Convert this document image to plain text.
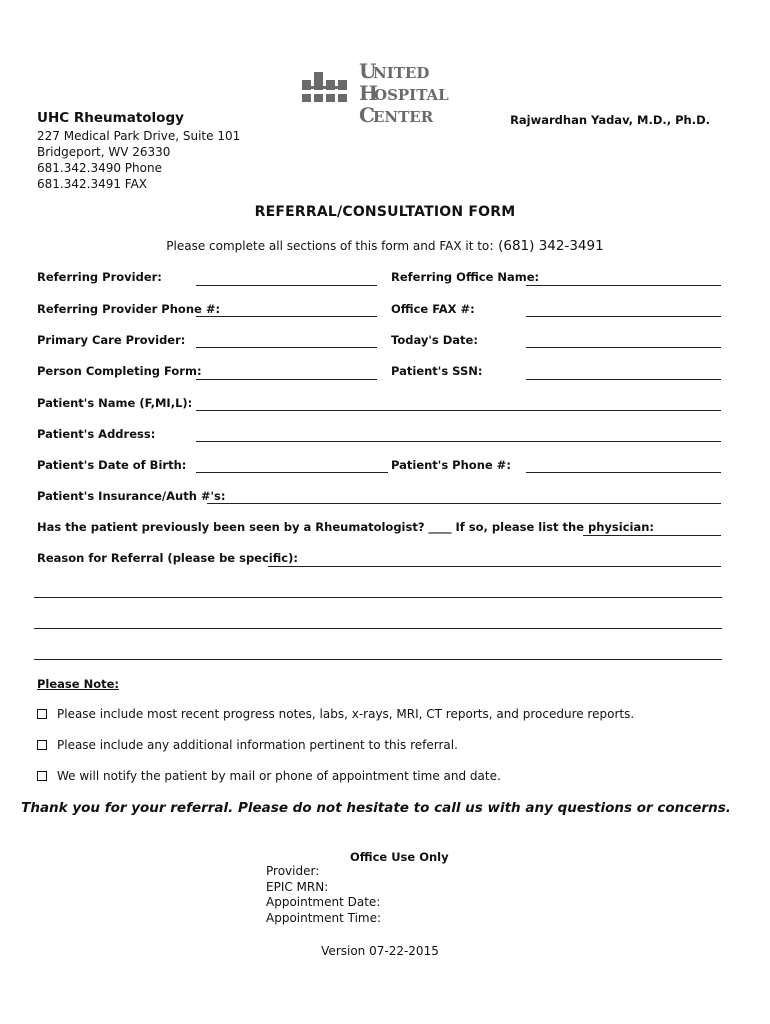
U
NITED
H
OSPITAL
C
ENTER
UHC Rheumatology
227 Medical Park Drive, Suite 101
Bridgeport, WV 26330
681.342.3490 Phone
681.342.3491 FAX
Rajwardhan Yadav, M.D., Ph.D.
REFERRAL/CONSULTATION FORM
Please complete all sections of this form and FAX it to: (681) 342-3491
Referring Provider:	Referring Office Name:
Referring Provider Phone #:	Office FAX #:
Primary Care Provider:	Today's Date:
Person Completing Form:	Patient's SSN:
Patient's Name (F,MI,L):
Patient's Address:
Patient's Date of Birth:	Patient's Phone #:
Patient's Insurance/Auth #'s:
Has the patient previously been seen by a Rheumatologist? ____ If so, please list the physician:
Reason for Referral (please be specific):
Please Note:
Please include most recent progress notes, labs, x-rays, MRI, CT reports, and procedure reports.
Please include any additional information pertinent to this referral.
We will notify the patient by mail or phone of appointment time and date.
Thank you for your referral. Please do not hesitate to call us with any questions or concerns.
Office Use Only
Provider:
EPIC MRN:
Appointment Date:
Appointment Time:
Version 07-22-2015
